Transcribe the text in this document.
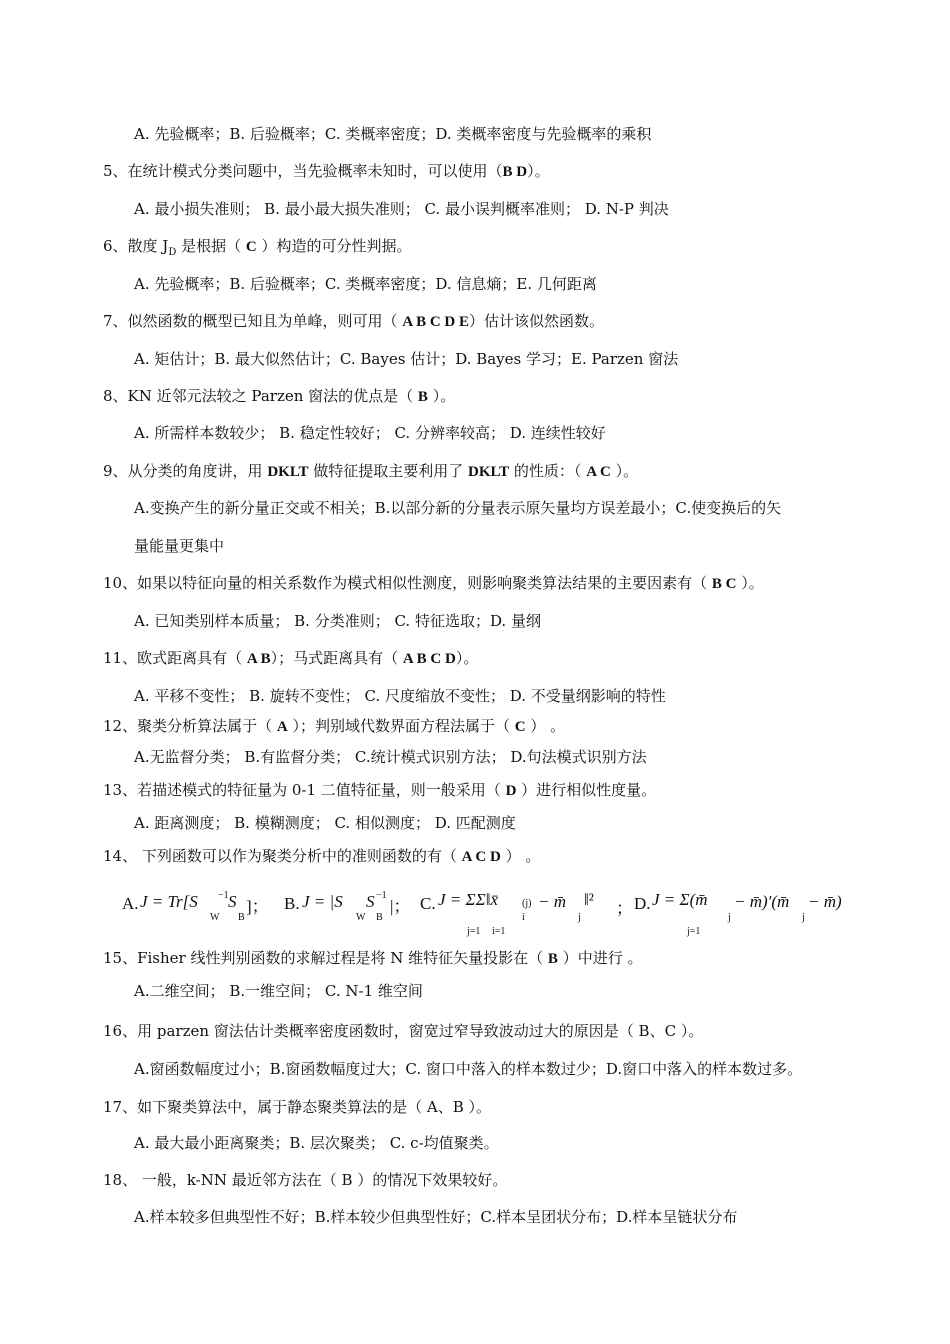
A. 先验概率；B. 后验概率；C. 类概率密度；D. 类概率密度与先验概率的乘积
5、在统计模式分类问题中，当先验概率未知时，可以使用（B D）。
A. 最小损失准则； B. 最小最大损失准则； C. 最小误判概率准则； D. N-P 判决
6、散度 $J_D$ 是根据（ C ）构造的可分性判据。
A. 先验概率；B. 后验概率；C. 类概率密度；D. 信息熵；E. 几何距离
7、似然函数的概型已知且为单峰，则可用（ A B C D E）估计该似然函数。
A. 矩估计；B. 最大似然估计；C. Bayes 估计；D. Bayes 学习；E. Parzen 窗法
8、KN 近邻元法较之 Parzen 窗法的优点是（ B ）。
A. 所需样本数较少； B. 稳定性较好； C. 分辨率较高； D. 连续性较好
9、从分类的角度讲，用 DKLT 做特征提取主要利用了 DKLT 的性质：（ A C ）。
A.变换产生的新分量正交或不相关；B.以部分新的分量表示原矢量均方误差最小；C.使变换后的矢
量能量更集中
10、如果以特征向量的相关系数作为模式相似性测度，则影响聚类算法结果的主要因素有（ B C ）。
A. 已知类别样本质量； B. 分类准则； C. 特征选取；D. 量纲
11、欧式距离具有（ A B）；马式距离具有（ A B C D）。
A. 平移不变性； B. 旋转不变性； C. 尺度缩放不变性； D. 不受量纲影响的特性
12、聚类分析算法属于（ A ）；判别域代数界面方程法属于（ C ） 。
A.无监督分类； B.有监督分类； C.统计模式识别方法； D.句法模式识别方法
13、若描述模式的特征量为 0-1 二值特征量，则一般采用（ D ）进行相似性度量。
A. 距离测度； B. 模糊测度； C. 相似测度； D. 匹配测度
14、 下列函数可以作为聚类分析中的准则函数的有（ A C D ） 。
15、Fisher 线性判别函数的求解过程是将 N 维特征矢量投影在（ B ）中进行 。
A.二维空间； B.一维空间； C. N-1 维空间
16、用 parzen 窗法估计类概率密度函数时，窗宽过窄导致波动过大的原因是（ B、C ）。
A.窗函数幅度过小；B.窗函数幅度过大；C. 窗口中落入的样本数过少；D.窗口中落入的样本数过多。
17、如下聚类算法中，属于静态聚类算法的是（ A、B ）。
A. 最大最小距离聚类；B. 层次聚类； C. c-均值聚类。
18、 一般，k-NN 最近邻方法在（ B ）的情况下效果较好。
A.样本较多但典型性不好；B.样本较少但典型性好；C.样本呈团状分布；D.样本呈链状分布
A. J = Tr[S −1
W
S
B
]； B. J = |S
W
S −1
B
|； C. J = ΣΣ‖x̄ (j)
i
− m̄
j
‖²
j=1 i=1
； D. J = Σ(m̄
j
− m̄)′(m̄
j
− m̄)
j=1
